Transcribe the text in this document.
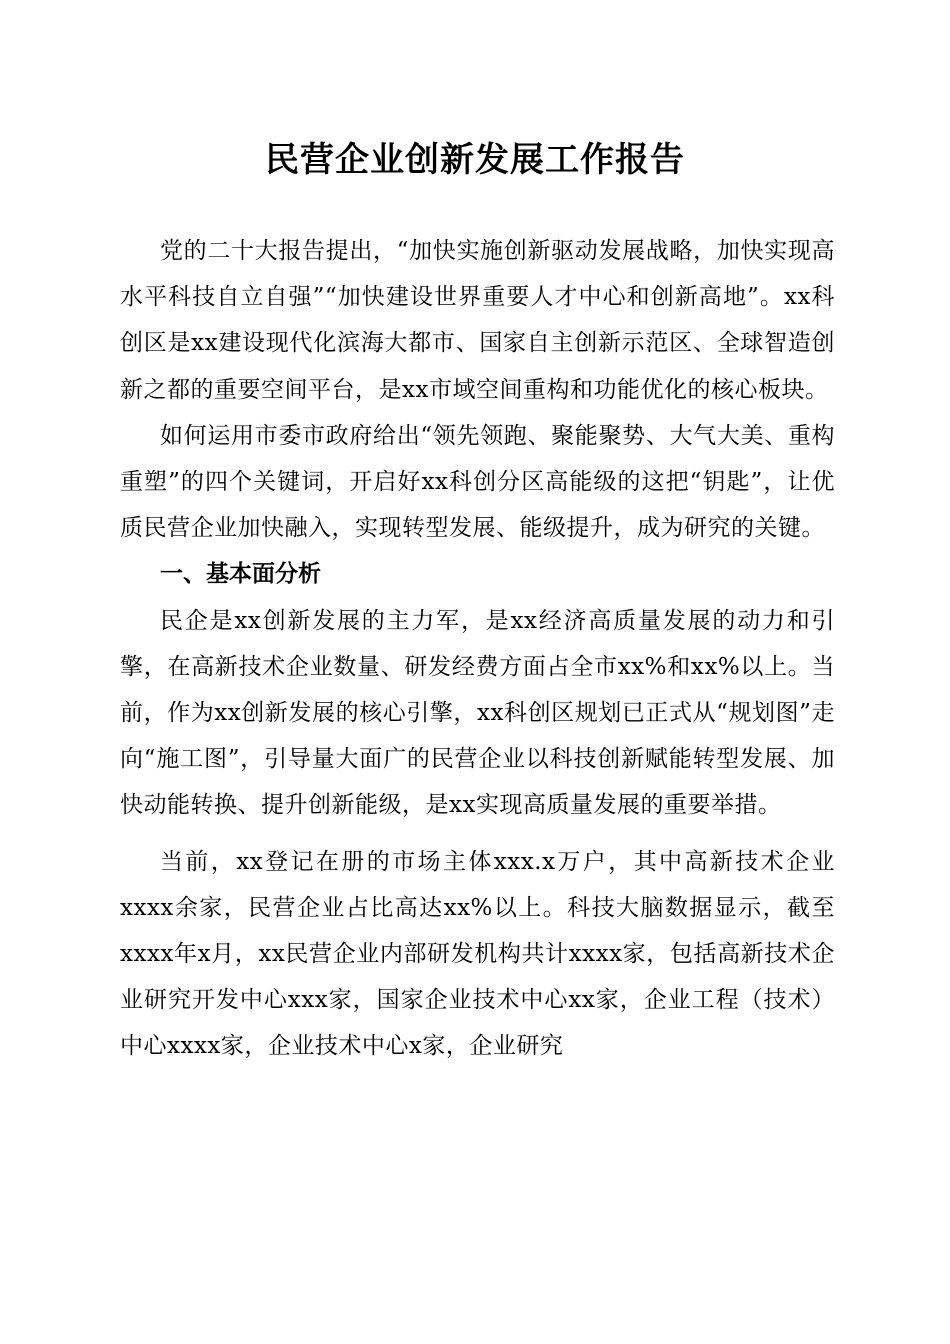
民营企业创新发展工作报告

党的二十大报告提出，“加快实施创新驱动发展战略，加快实现高水平科技自立自强”“加快建设世界重要人才中心和创新高地”。xx科创区是xx建设现代化滨海大都市、国家自主创新示范区、全球智造创新之都的重要空间平台，是xx市域空间重构和功能优化的核心板块。

如何运用市委市政府给出“领先领跑、聚能聚势、大气大美、重构重塑”的四个关键词，开启好xx科创分区高能级的这把“钥匙”，让优质民营企业加快融入，实现转型发展、能级提升，成为研究的关键。

一、基本面分析

民企是xx创新发展的主力军，是xx经济高质量发展的动力和引擎，在高新技术企业数量、研发经费方面占全市xx%和xx%以上。当前，作为xx创新发展的核心引擎，xx科创区规划已正式从“规划图”走向“施工图”，引导量大面广的民营企业以科技创新赋能转型发展、加快动能转换、提升创新能级，是xx实现高质量发展的重要举措。

当前，xx登记在册的市场主体xxx.x万户，其中高新技术企业xxxx余家，民营企业占比高达xx%以上。科技大脑数据显示，截至xxxx年x月，xx民营企业内部研发机构共计xxxx家，包括高新技术企业研究开发中心xxx家，国家企业技术中心xx家，企业工程（技术）中心xxxx家，企业技术中心x家，企业研究
